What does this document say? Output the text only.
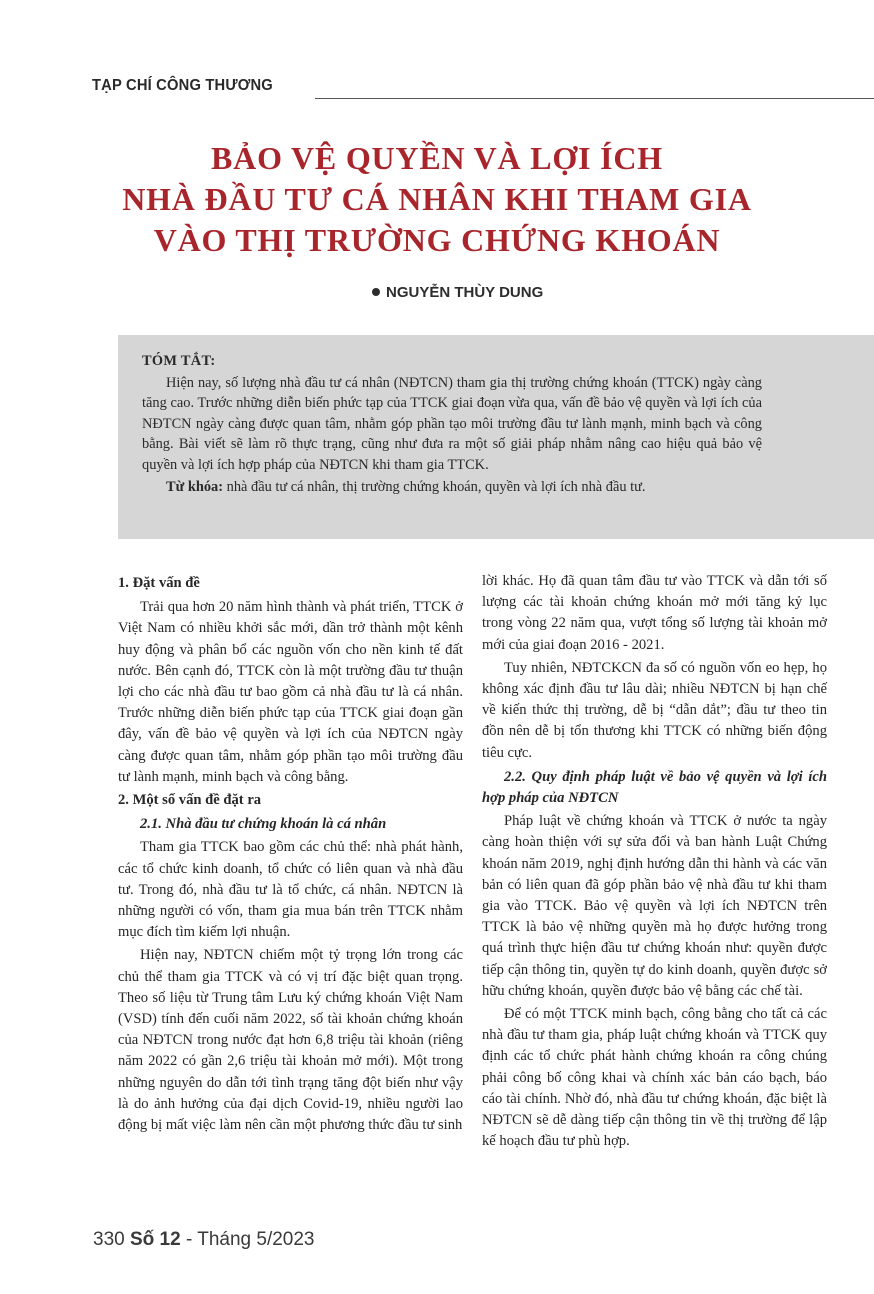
TẠP CHÍ CÔNG THƯƠNG
BẢO VỆ QUYỀN VÀ LỢI ÍCH
NHÀ ĐẦU TƯ CÁ NHÂN KHI THAM GIA
VÀO THỊ TRƯỜNG CHỨNG KHOÁN
NGUYỄN THÙY DUNG
TÓM TẮT:

Hiện nay, số lượng nhà đầu tư cá nhân (NĐTCN) tham gia thị trường chứng khoán (TTCK) ngày càng tăng cao. Trước những diễn biến phức tạp của TTCK giai đoạn vừa qua, vấn đề bảo vệ quyền và lợi ích của NĐTCN ngày càng được quan tâm, nhằm góp phần tạo môi trường đầu tư lành mạnh, minh bạch và công bằng. Bài viết sẽ làm rõ thực trạng, cũng như đưa ra một số giải pháp nhằm nâng cao hiệu quả bảo vệ quyền và lợi ích hợp pháp của NĐTCN khi tham gia TTCK.

Từ khóa: nhà đầu tư cá nhân, thị trường chứng khoán, quyền và lợi ích nhà đầu tư.

1. Đặt vấn đề

Trải qua hơn 20 năm hình thành và phát triển, TTCK ở Việt Nam có nhiều khởi sắc mới, dần trở thành một kênh huy động và phân bổ các nguồn vốn cho nền kinh tế đất nước. Bên cạnh đó, TTCK còn là một trường đầu tư thuận lợi cho các nhà đầu tư bao gồm cả nhà đầu tư là cá nhân. Trước những diễn biến phức tạp của TTCK giai đoạn gần đây, vấn đề bảo vệ quyền và lợi ích của NĐTCN ngày càng được quan tâm, nhằm góp phần tạo môi trường đầu tư lành mạnh, minh bạch và công bằng.

2. Một số vấn đề đặt ra
2.1. Nhà đầu tư chứng khoán là cá nhân

Tham gia TTCK bao gồm các chủ thể: nhà phát hành, các tổ chức kinh doanh, tổ chức có liên quan và nhà đầu tư. Trong đó, nhà đầu tư là tổ chức, cá nhân. NĐTCN là những người có vốn, tham gia mua bán trên TTCK nhằm mục đích tìm kiếm lợi nhuận.

Hiện nay, NĐTCN chiếm một tỷ trọng lớn trong các chủ thể tham gia TTCK và có vị trí đặc biệt quan trọng. Theo số liệu từ Trung tâm Lưu ký chứng khoán Việt Nam (VSD) tính đến cuối năm 2022, số tài khoản chứng khoán của NĐTCN trong nước đạt hơn 6,8 triệu tài khoản (riêng năm 2022 có gần 2,6 triệu tài khoản mở mới). Một trong những nguyên do dẫn tới tình trạng tăng đột biến như vậy là do ảnh hưởng của đại dịch Covid-19, nhiều người lao động bị mất việc làm nên cần một phương thức đầu tư sinh

lời khác. Họ đã quan tâm đầu tư vào TTCK và dẫn tới số lượng các tài khoản chứng khoán mở mới tăng kỷ lục trong vòng 22 năm qua, vượt tổng số lượng tài khoản mở mới của giai đoạn 2016 - 2021.

Tuy nhiên, NĐTCKCN đa số có nguồn vốn eo hẹp, họ không xác định đầu tư lâu dài; nhiều NĐTCN bị hạn chế về kiến thức thị trường, dễ bị “dẫn dắt”; đầu tư theo tin đồn nên dễ bị tổn thương khi TTCK có những biến động tiêu cực.

2.2. Quy định pháp luật về bảo vệ quyền và lợi ích hợp pháp của NĐTCN

Pháp luật về chứng khoán và TTCK ở nước ta ngày càng hoàn thiện với sự sửa đổi và ban hành Luật Chứng khoán năm 2019, nghị định hướng dẫn thi hành và các văn bản có liên quan đã góp phần bảo vệ nhà đầu tư khi tham gia vào TTCK. Bảo vệ quyền và lợi ích NĐTCN trên TTCK là bảo vệ những quyền mà họ được hưởng trong quá trình thực hiện đầu tư chứng khoán như: quyền được tiếp cận thông tin, quyền tự do kinh doanh, quyền được sở hữu chứng khoán, quyền được bảo vệ bằng các chế tài.

Để có một TTCK minh bạch, công bằng cho tất cả các nhà đầu tư tham gia, pháp luật chứng khoán và TTCK quy định các tổ chức phát hành chứng khoán ra công chúng phải công bố công khai và chính xác bản cáo bạch, báo cáo tài chính. Nhờ đó, nhà đầu tư chứng khoán, đặc biệt là NĐTCN sẽ dễ dàng tiếp cận thông tin về thị trường để lập kế hoạch đầu tư phù hợp.

330 Số 12 - Tháng 5/2023
